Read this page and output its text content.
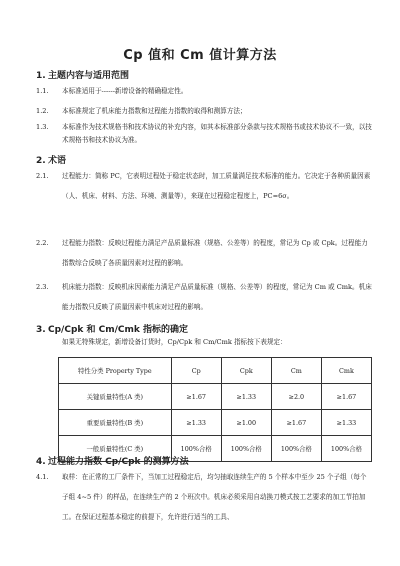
Cp 值和 Cm 值计算方法
1. 主题内容与适用范围
1.1.	本标准适用于------新增设备的精确稳定性。
1.2.	本标准规定了机床能力指数和过程能力指数的取得和测算方法；
1.3.	本标准作为技术规格书和技术协议的补充内容，如其本标准部分条款与技术规格书或技术协议不一致，以技术规格书和技术协议为准。
2. 术语
2.1.	过程能力：简称 PC，它表明过程处于稳定状态时，加工质量满足技术标准的能力。它决定于各种质量因素（人、机床、材料、方法、环境、测量等），来现在过程稳定程度上，PC=6σ。
2.2.	过程能力指数：反映过程能力满足产品质量标准（规格、公差等）的程度，常记为 Cp 或 Cpk。过程能力指数综合反映了各质量因素对过程的影响。
2.3.	机床能力指数：反映机床因素能力满足产品质量标准（规格、公差等）的程度，常记为 Cm 或 Cmk。机床能力指数只反映了质量因素中机床对过程的影响。
3. Cp/Cpk 和 Cm/Cmk 指标的确定
如果无特殊规定，新增设备订货时，Cp/Cpk 和 Cm/Cmk 指标按下表规定：
特性分类 Property Type	Cp	Cpk	Cm	Cmk
关键质量特性(A 类)	≥1.67	≥1.33	≥2.0	≥1.67
重要质量特性(B 类)	≥1.33	≥1.00	≥1.67	≥1.33
一般质量特性(C 类)	100%合格	100%合格	100%合格	100%合格
4. 过程能力指数 Cp/Cpk 的测算方法
4.1.	取样：在正常的工厂条件下，当加工过程稳定后，均匀抽取连续生产的 5 个样本中至少 25 个子组（每个子组 4~5 件）的样品，在连续生产的 2 个班次中。机床必须采用自动换刀模式按工艺要求的加工节拍加工。在保证过程基本稳定的前提下，允许进行适当的工具、
